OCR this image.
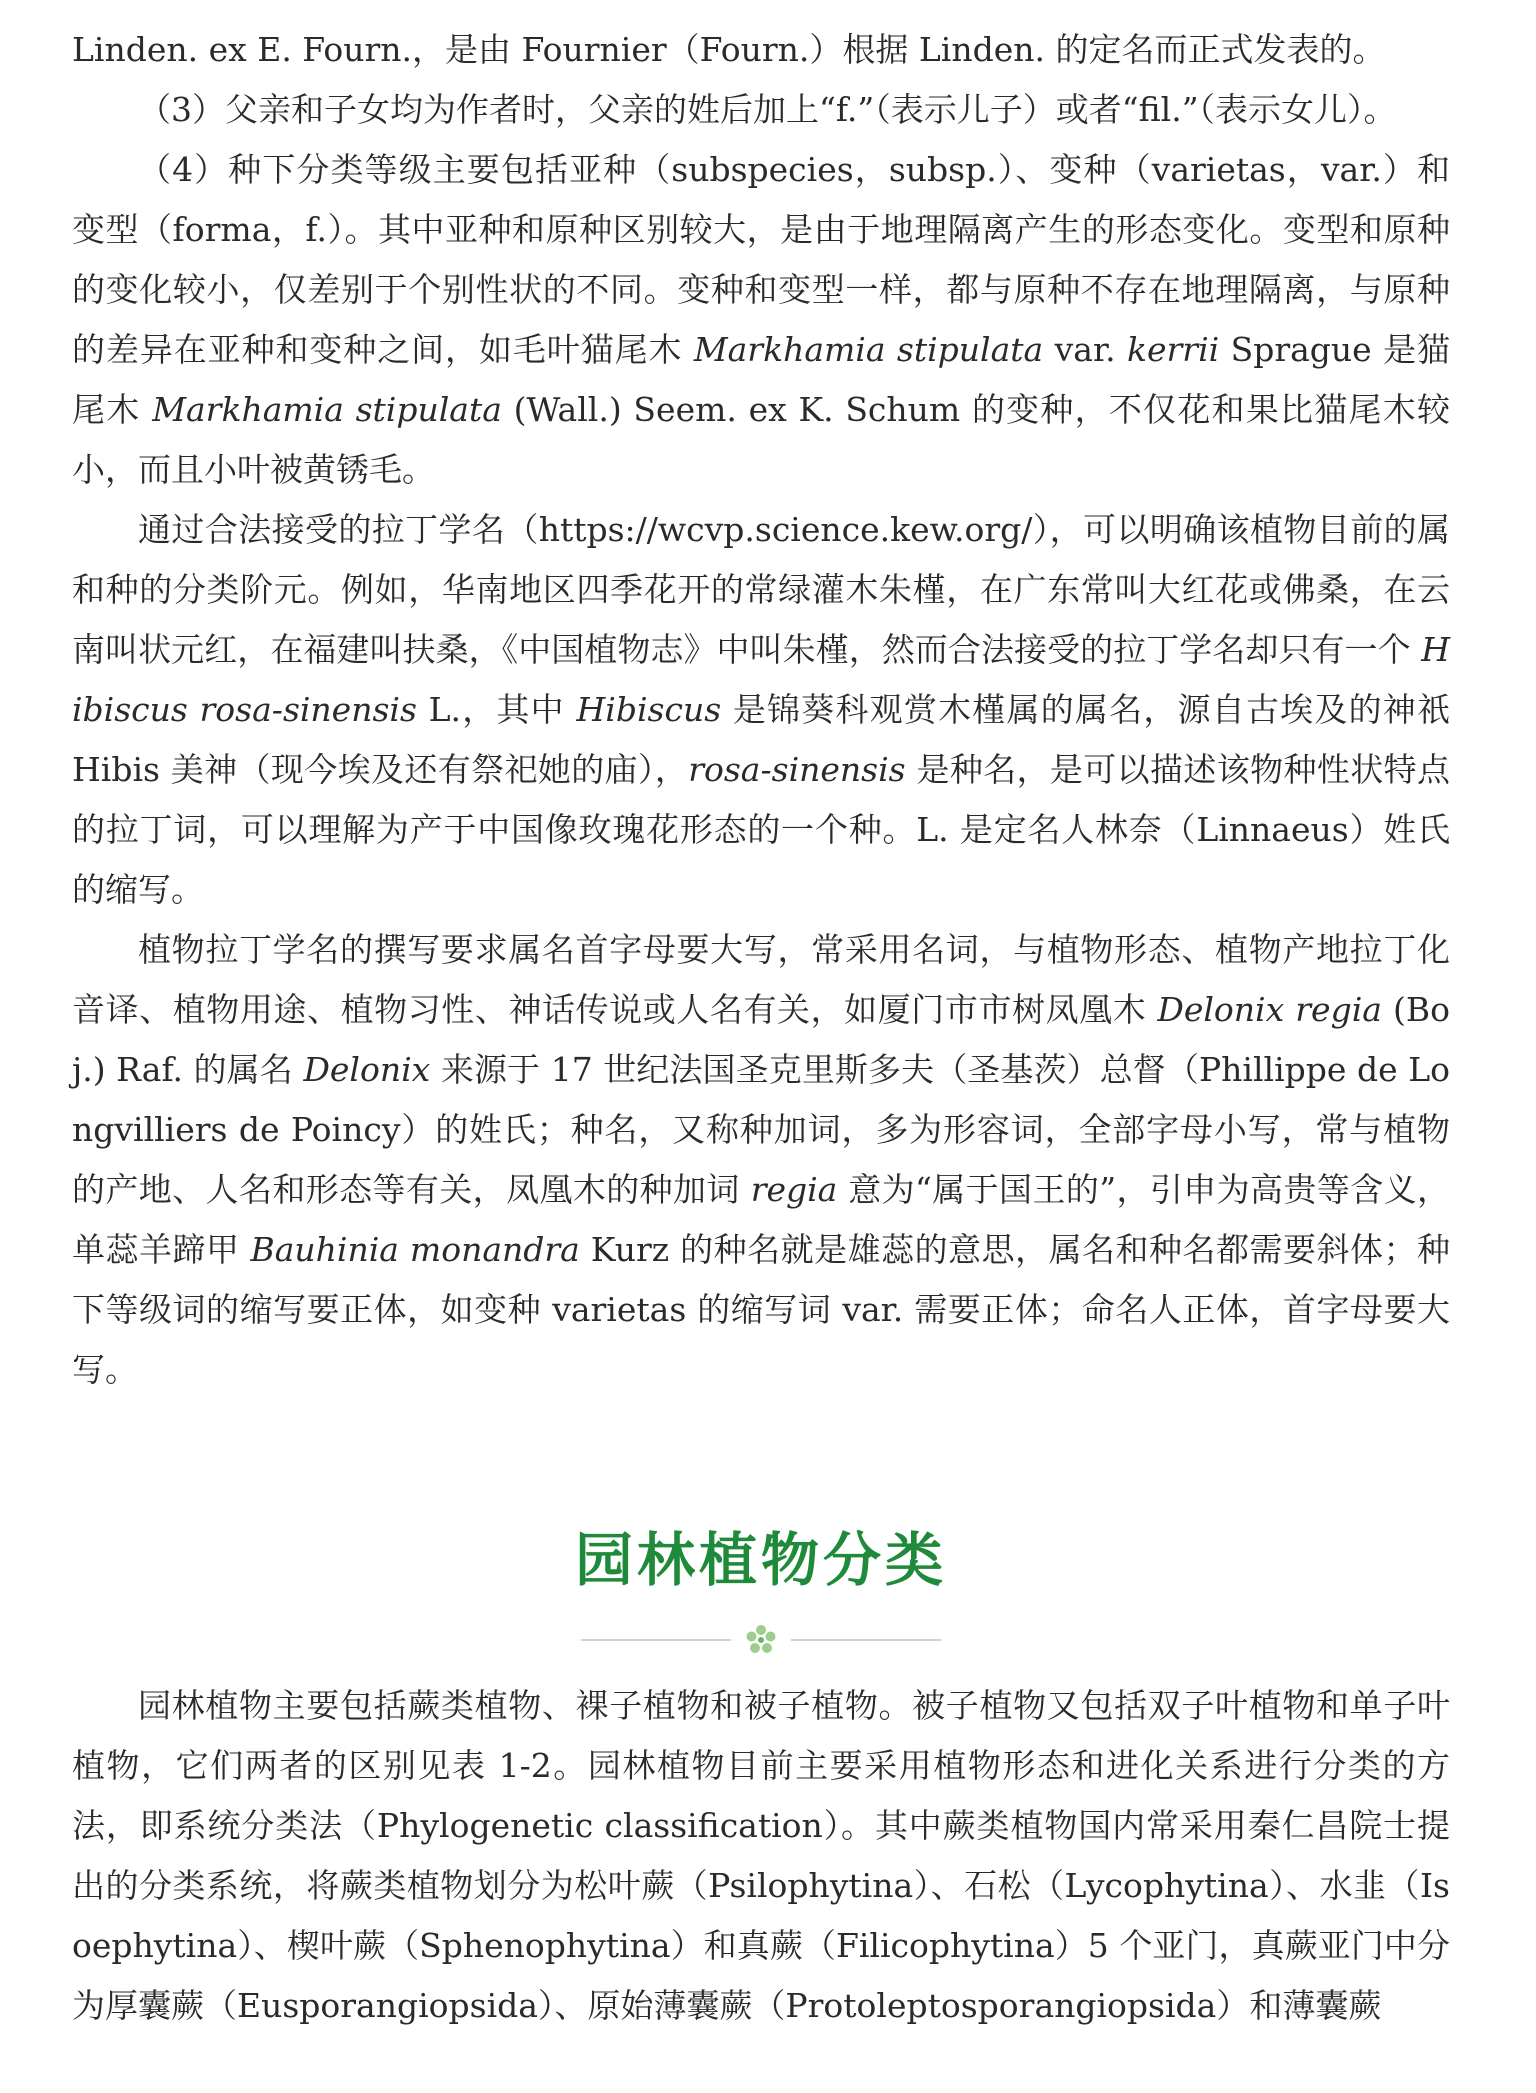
Linden. ex E. Fourn.，是由 Fournier（Fourn.）根据 Linden. 的定名而正式发表的。

（3）父亲和子女均为作者时，父亲的姓后加上“f.”（表示儿子）或者“fil.”（表示女儿）。

（4）种下分类等级主要包括亚种（subspecies，subsp.）、变种（varietas，var.）和变型（forma，f.）。其中亚种和原种区别较大，是由于地理隔离产生的形态变化。变型和原种的变化较小，仅差别于个别性状的不同。变种和变型一样，都与原种不存在地理隔离，与原种的差异在亚种和变种之间，如毛叶猫尾木 Markhamia stipulata var. kerrii Sprague 是猫尾木 Markhamia stipulata (Wall.) Seem. ex K. Schum 的变种，不仅花和果比猫尾木较小，而且小叶被黄锈毛。

通过合法接受的拉丁学名（https://wcvp.science.kew.org/），可以明确该植物目前的属和种的分类阶元。例如，华南地区四季花开的常绿灌木朱槿，在广东常叫大红花或佛桑，在云南叫状元红，在福建叫扶桑，《中国植物志》中叫朱槿，然而合法接受的拉丁学名却只有一个 Hibiscus rosa-sinensis L.，其中 Hibiscus 是锦葵科观赏木槿属的属名，源自古埃及的神祇 Hibis 美神（现今埃及还有祭祀她的庙），rosa-sinensis 是种名，是可以描述该物种性状特点的拉丁词，可以理解为产于中国像玫瑰花形态的一个种。L. 是定名人林奈（Linnaeus）姓氏的缩写。

植物拉丁学名的撰写要求属名首字母要大写，常采用名词，与植物形态、植物产地拉丁化音译、植物用途、植物习性、神话传说或人名有关，如厦门市市树凤凰木 Delonix regia (Boj.) Raf. 的属名 Delonix 来源于 17 世纪法国圣克里斯多夫（圣基茨）总督（Phillippe de Longvilliers de Poincy）的姓氏；种名，又称种加词，多为形容词，全部字母小写，常与植物的产地、人名和形态等有关，凤凰木的种加词 regia 意为“属于国王的”，引申为高贵等含义，单蕊羊蹄甲 Bauhinia monandra Kurz 的种名就是雄蕊的意思，属名和种名都需要斜体；种下等级词的缩写要正体，如变种 varietas 的缩写词 var. 需要正体；命名人正体，首字母要大写。

园林植物分类

园林植物主要包括蕨类植物、裸子植物和被子植物。被子植物又包括双子叶植物和单子叶植物，它们两者的区别见表 1-2。园林植物目前主要采用植物形态和进化关系进行分类的方法，即系统分类法（Phylogenetic classification）。其中蕨类植物国内常采用秦仁昌院士提出的分类系统，将蕨类植物划分为松叶蕨（Psilophytina）、石松（Lycophytina）、水韭（Isoephytina）、楔叶蕨（Sphenophytina）和真蕨（Filicophytina）5 个亚门，真蕨亚门中分为厚囊蕨（Eusporangiopsida）、原始薄囊蕨（Protoleptosporangiopsida）和薄囊蕨
